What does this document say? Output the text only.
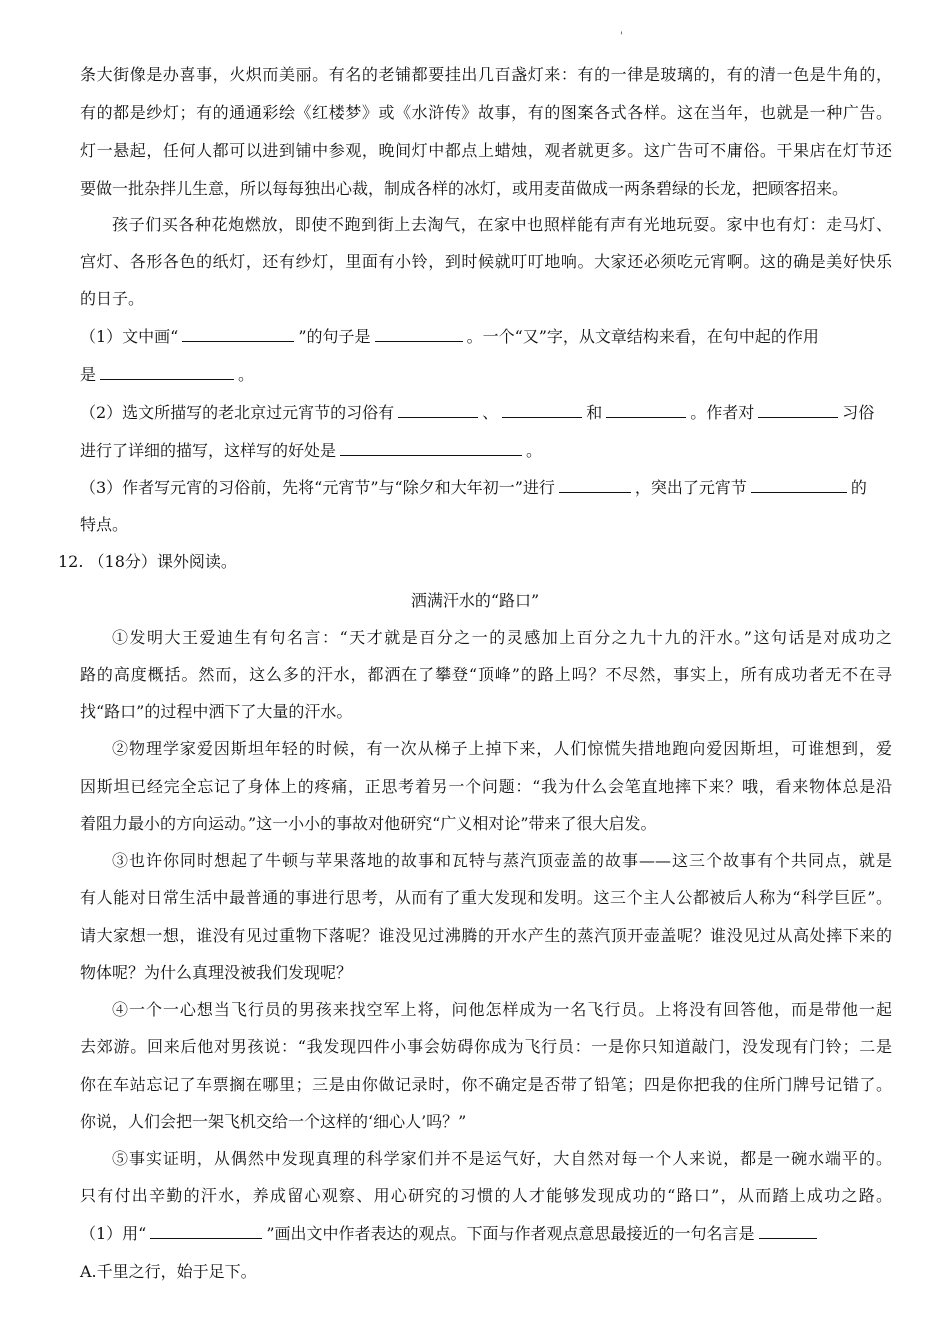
'
条大街像是办喜事，火炽而美丽。有名的老铺都要挂出几百盏灯来：有的一律是玻璃的，有的清一色是牛角的，
有的都是纱灯；有的通通彩绘《红楼梦》或《水浒传》故事，有的图案各式各样。这在当年，也就是一种广告。
灯一悬起，任何人都可以进到铺中参观，晚间灯中都点上蜡烛，观者就更多。这广告可不庸俗。干果店在灯节还
要做一批杂拌儿生意，所以每每独出心裁，制成各样的冰灯，或用麦苗做成一两条碧绿的长龙，把顾客招来。
孩子们买各种花炮燃放，即使不跑到街上去淘气，在家中也照样能有声有光地玩耍。家中也有灯：走马灯、
宫灯、各形各色的纸灯，还有纱灯，里面有小铃，到时候就叮叮地响。大家还必须吃元宵啊。这的确是美好快乐
的日子。
（1）文中画“	”的句子是	。一个“又”字，从文章结构来看，在句中起的作用
是	。
（2）选文所描写的老北京过元宵节的习俗有	、	和	。作者对	习俗
进行了详细的描写，这样写的好处是	。
（3）作者写元宵的习俗前，先将“元宵节”与“除夕和大年初一”进行	，突出了元宵节	的
特点。
12. （18分）课外阅读。
洒满汗水的“路口”
①发明大王爱迪生有句名言：“天才就是百分之一的灵感加上百分之九十九的汗水。”这句话是对成功之
路的高度概括。然而，这么多的汗水，都洒在了攀登“顶峰”的路上吗？不尽然，事实上，所有成功者无不在寻
找“路口”的过程中洒下了大量的汗水。
②物理学家爱因斯坦年轻的时候，有一次从梯子上掉下来，人们惊慌失措地跑向爱因斯坦，可谁想到，爱
因斯坦已经完全忘记了身体上的疼痛，正思考着另一个问题：“我为什么会笔直地摔下来？哦，看来物体总是沿
着阻力最小的方向运动。”这一小小的事故对他研究“广义相对论”带来了很大启发。
③也许你同时想起了牛顿与苹果落地的故事和瓦特与蒸汽顶壶盖的故事——这三个故事有个共同点，就是
有人能对日常生活中最普通的事进行思考，从而有了重大发现和发明。这三个主人公都被后人称为“科学巨匠”。
请大家想一想，谁没有见过重物下落呢？谁没见过沸腾的开水产生的蒸汽顶开壶盖呢？谁没见过从高处摔下来的
物体呢？为什么真理没被我们发现呢？
④一个一心想当飞行员的男孩来找空军上将，问他怎样成为一名飞行员。上将没有回答他，而是带他一起
去郊游。回来后他对男孩说：“我发现四件小事会妨碍你成为飞行员：一是你只知道敲门，没发现有门铃；二是
你在车站忘记了车票搁在哪里；三是由你做记录时，你不确定是否带了铅笔；四是你把我的住所门牌号记错了。
你说，人们会把一架飞机交给一个这样的‘细心人’吗？”
⑤事实证明，从偶然中发现真理的科学家们并不是运气好，大自然对每一个人来说，都是一碗水端平的。
只有付出辛勤的汗水，养成留心观察、用心研究的习惯的人才能够发现成功的“路口”，从而踏上成功之路。
（1）用“	”画出文中作者表达的观点。下面与作者观点意思最接近的一句名言是
A.千里之行，始于足下。
